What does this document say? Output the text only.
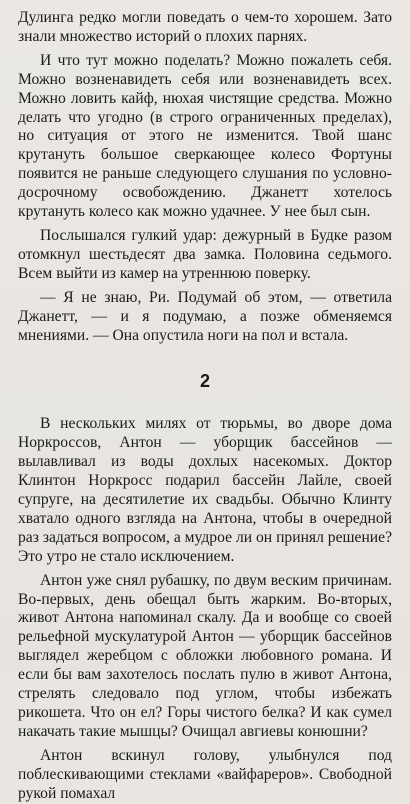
Дулинга редко могли поведать о чем-то хорошем. Зато знали множество историй о плохих парнях.

И что тут можно поделать? Можно пожалеть себя. Можно возненавидеть себя или возненавидеть всех. Можно ловить кайф, нюхая чистящие средства. Можно делать что угодно (в строго ограниченных пределах), но ситуация от этого не изменится. Твой шанс крутануть большое сверкающее колесо Фортуны появится не раньше следующего слушания по условно-досрочному освобождению. Джанетт хотелось крутануть колесо как можно удачнее. У нее был сын.

Послышался гулкий удар: дежурный в Будке разом отомкнул шестьдесят два замка. Половина седьмого. Всем выйти из камер на утреннюю поверку.

— Я не знаю, Ри. Подумай об этом, — ответила Джанетт, — и я подумаю, а позже обменяемся мнениями. — Она опустила ноги на пол и встала.

2

В нескольких милях от тюрьмы, во дворе дома Норкроссов, Антон — уборщик бассейнов — вылавливал из воды дохлых насекомых. Доктор Клинтон Норкросс подарил бассейн Лайле, своей супруге, на десятилетие их свадьбы. Обычно Клинту хватало одного взгляда на Антона, чтобы в очередной раз задаться вопросом, а мудрое ли он принял решение? Это утро не стало исключением.

Антон уже снял рубашку, по двум веским причинам. Во-первых, день обещал быть жарким. Во-вторых, живот Антона напоминал скалу. Да и вообще со своей рельефной мускулатурой Антон — уборщик бассейнов выглядел жеребцом с обложки любовного романа. И если бы вам захотелось послать пулю в живот Антона, стрелять следовало под углом, чтобы избежать рикошета. Что он ел? Горы чистого белка? И как сумел накачать такие мышцы? Очищал авгиевы конюшни?

Антон вскинул голову, улыбнулся под поблескивающими стеклами «вайфареров». Свободной рукой помахал
